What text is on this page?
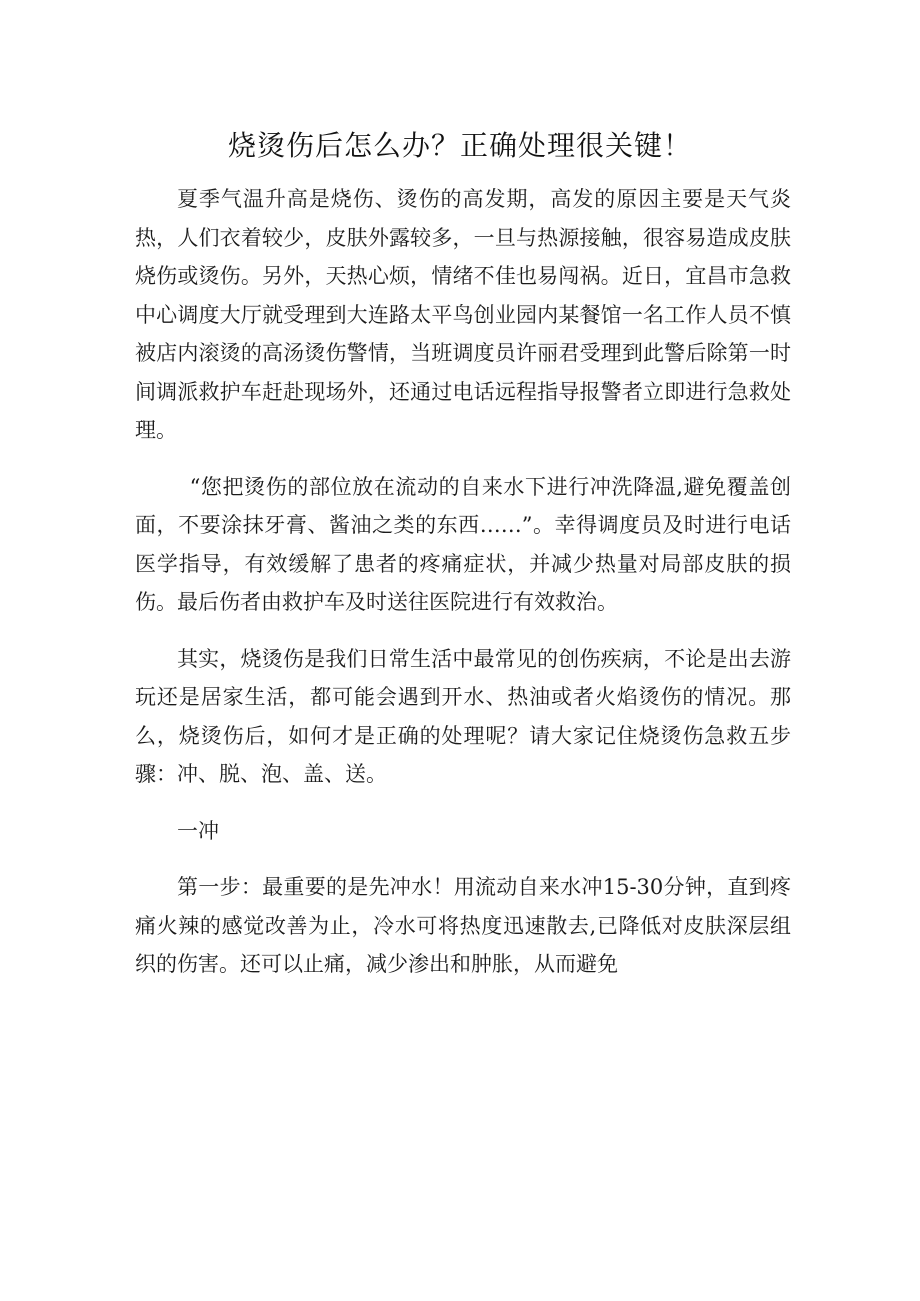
烧烫伤后怎么办？正确处理很关键！

夏季气温升高是烧伤、烫伤的高发期，高发的原因主要是天气炎热，人们衣着较少，皮肤外露较多，一旦与热源接触，很容易造成皮肤烧伤或烫伤。另外，天热心烦，情绪不佳也易闯祸。近日，宜昌市急救中心调度大厅就受理到大连路太平鸟创业园内某餐馆一名工作人员不慎被店内滚烫的高汤烫伤警情，当班调度员许丽君受理到此警后除第一时间调派救护车赶赴现场外，还通过电话远程指导报警者立即进行急救处理。

“您把烫伤的部位放在流动的自来水下进行冲洗降温,避免覆盖创面，不要涂抹牙膏、酱油之类的东西……”。幸得调度员及时进行电话医学指导，有效缓解了患者的疼痛症状，并减少热量对局部皮肤的损伤。最后伤者由救护车及时送往医院进行有效救治。

其实，烧烫伤是我们日常生活中最常见的创伤疾病，不论是出去游玩还是居家生活，都可能会遇到开水、热油或者火焰烫伤的情况。那么，烧烫伤后，如何才是正确的处理呢？请大家记住烧烫伤急救五步骤：冲、脱、泡、盖、送。

一冲

第一步：最重要的是先冲水！用流动自来水冲15-30分钟，直到疼痛火辣的感觉改善为止，冷水可将热度迅速散去,已降低对皮肤深层组织的伤害。还可以止痛，减少渗出和肿胀，从而避免
